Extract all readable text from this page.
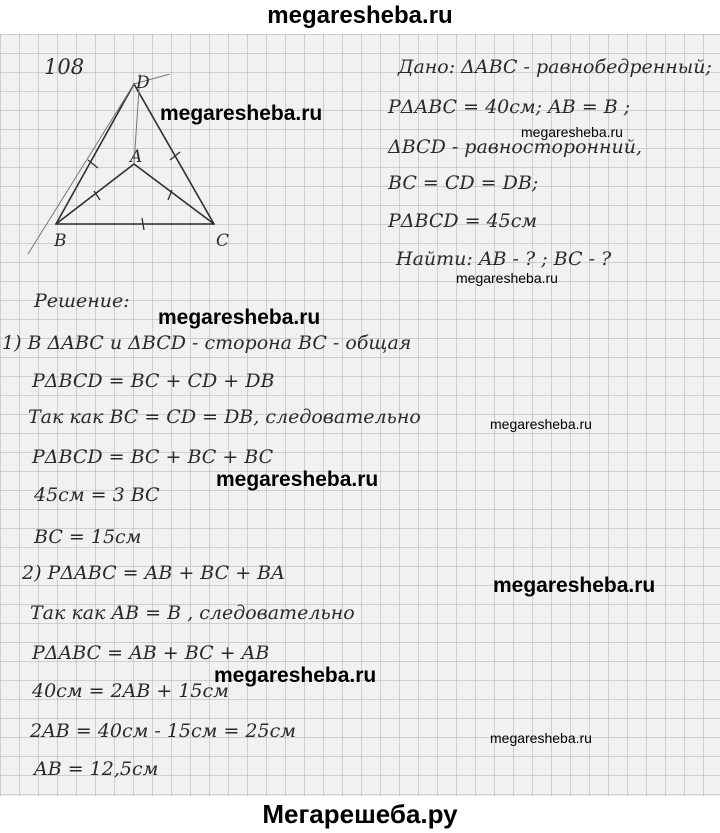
megaresheba.ru
D
A
B	C
108	Дано: ΔABC - равнобедренный;
PΔABC = 40см; AB = B ;
ΔBCD - равносторонний,
BC = CD = DB;
PΔBCD = 45см
Найти: AB - ? ; BC - ?
Решение:
1) В ΔABC и ΔBCD - сторона BC - общая
PΔBCD = BC + CD + DB
Так как BC = CD = DB, следовательно
PΔBCD = BC + BC + BC
45см = 3 BC
BC = 15см
2) PΔABC = AB + BC + BA
Так как AB = B , следовательно
PΔABC = AB + BC + AB
40см = 2AB + 15см
2AB = 40см - 15см = 25см
AB = 12,5см
megaresheba.ru
megaresheba.ru
megaresheba.ru
megaresheba.ru
megaresheba.ru
megaresheba.ru
megaresheba.ru
megaresheba.ru
megaresheba.ru
Мегарешеба.ру
